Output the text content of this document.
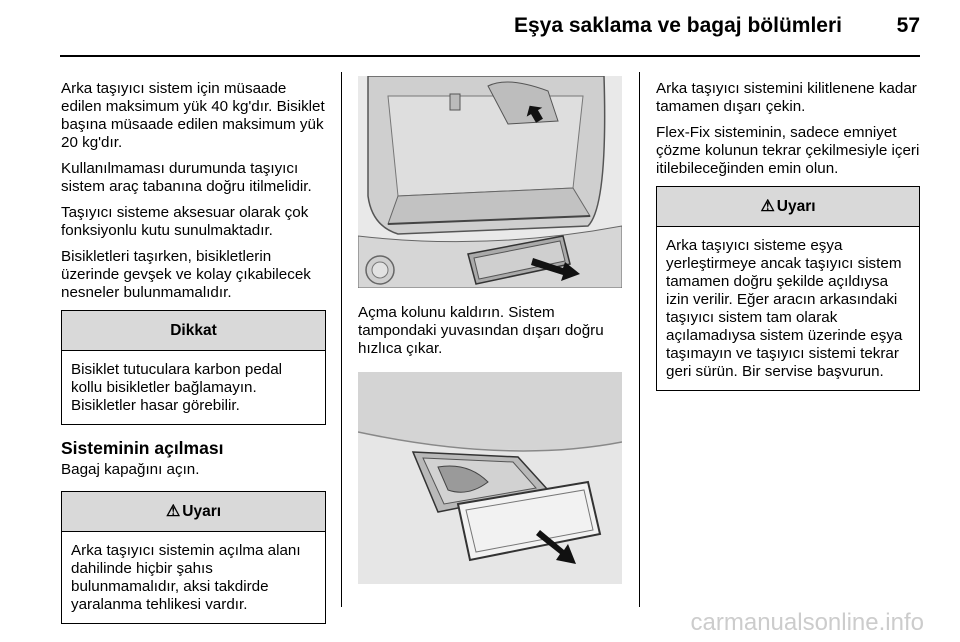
Eşya saklama ve bagaj bölümleri	57

Arka taşıyıcı sistem için müsaade edilen maksimum yük 40 kg'dır. Bisiklet başına müsaade edilen maksimum yük 20 kg'dır.

Kullanılmaması durumunda taşıyıcı sistem araç tabanına doğru itilmelidir.

Taşıyıcı sisteme aksesuar olarak çok fonksiyonlu kutu sunulmaktadır.

Bisikletleri taşırken, bisikletlerin üzerinde gevşek ve kolay çıkabilecek nesneler bulunmamalıdır.

Dikkat
Bisiklet tutuculara karbon pedal kollu bisikletler bağlamayın. Bisikletler hasar görebilir.
Sisteminin açılması

Bagaj kapağını açın.

⚠ Uyarı
Arka taşıyıcı sistemin açılma alanı dahilinde hiçbir şahıs bulunmamalıdır, aksi takdirde yaralanma tehlikesi vardır.

Açma kolunu kaldırın. Sistem tampondaki yuvasından dışarı doğru hızlıca çıkar.

Arka taşıyıcı sistemini kilitlenene kadar tamamen dışarı çekin.

Flex-Fix sisteminin, sadece emniyet çözme kolunun tekrar çekilmesiyle içeri itilebileceğinden emin olun.

⚠ Uyarı
Arka taşıyıcı sisteme eşya yerleştirmeye ancak taşıyıcı sistem tamamen doğru şekilde açıldıysa izin verilir. Eğer aracın arkasındaki taşıyıcı sistem tam olarak açılamadıysa sistem üzerinde eşya taşımayın ve taşıyıcı sistemi tekrar geri sürün. Bir servise başvurun.
carmanualsonline.info
